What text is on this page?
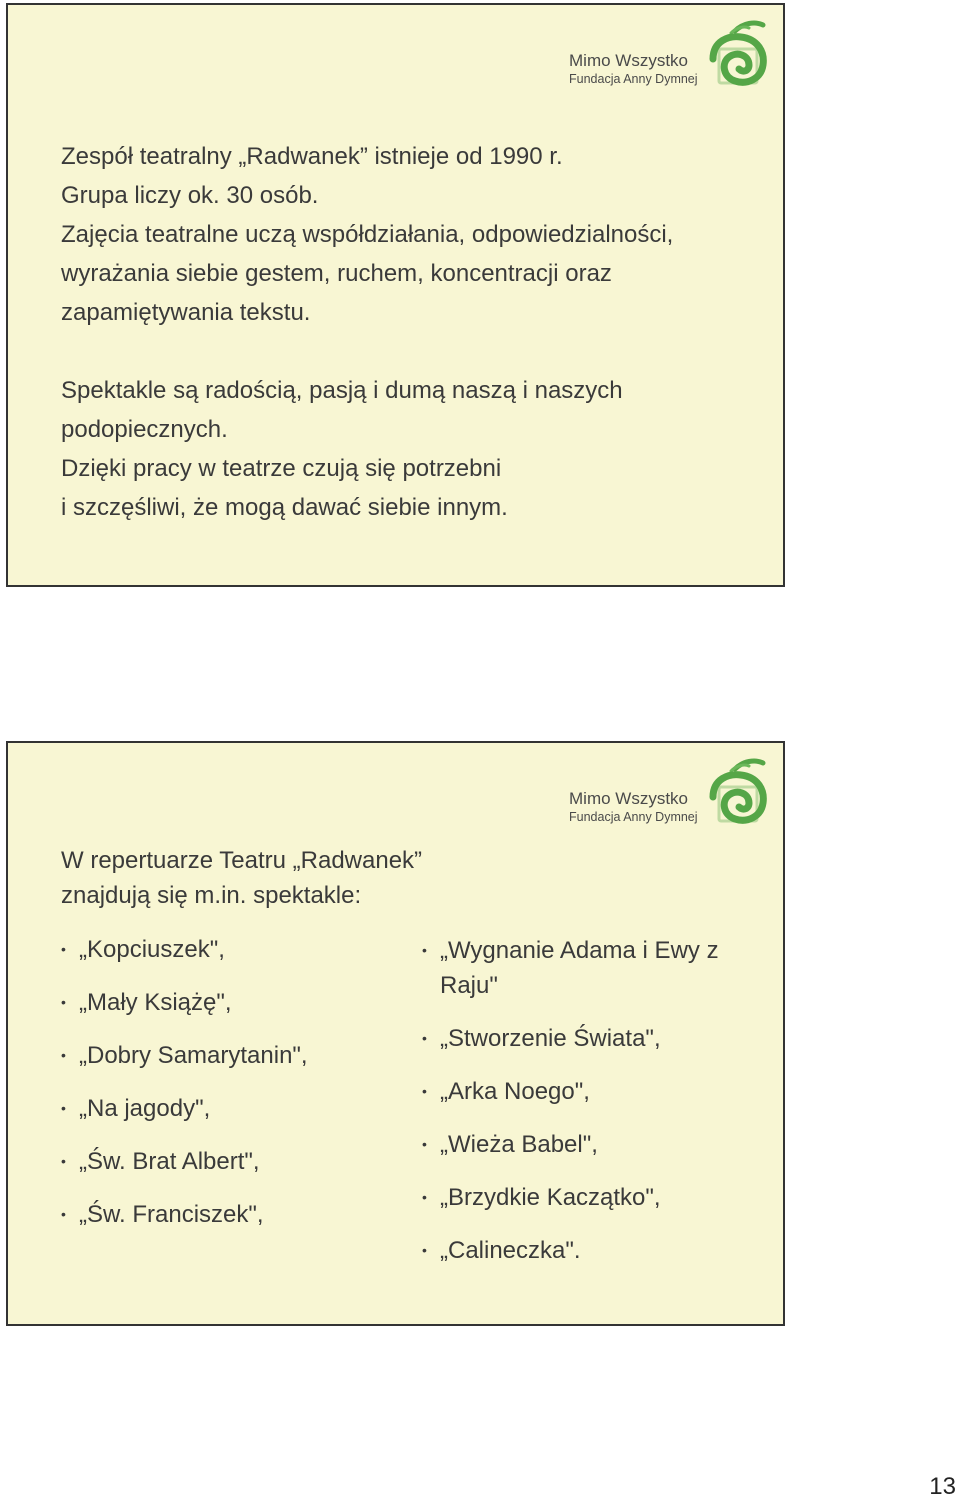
Mimo Wszystko
Fundacja Anny Dymnej

Zespół teatralny „Radwanek” istnieje od 1990 r.

Grupa liczy ok. 30 osób.

Zajęcia teatralne uczą współdziałania, odpowiedzialności,

wyrażania siebie gestem, ruchem, koncentracji oraz

zapamiętywania tekstu.

Spektakle są radością, pasją i dumą naszą i naszych

podopiecznych.

Dzięki pracy w teatrze czują się potrzebni

i szczęśliwi, że mogą dawać siebie innym.

Mimo Wszystko
Fundacja Anny Dymnej
W repertuarze Teatru „Radwanek”
znajdują się m.in. spektakle:
• „Kopciuszek",
• „Mały Książę",
• „Dobry Samarytanin",
• „Na jagody",
• „Św. Brat Albert",
• „Św. Franciszek",
• „Wygnanie Adama i Ewy z Raju"
• „Stworzenie Świata",
• „Arka Noego",
• „Wieża Babel",
• „Brzydkie Kaczątko",
• „Calineczka".
13
